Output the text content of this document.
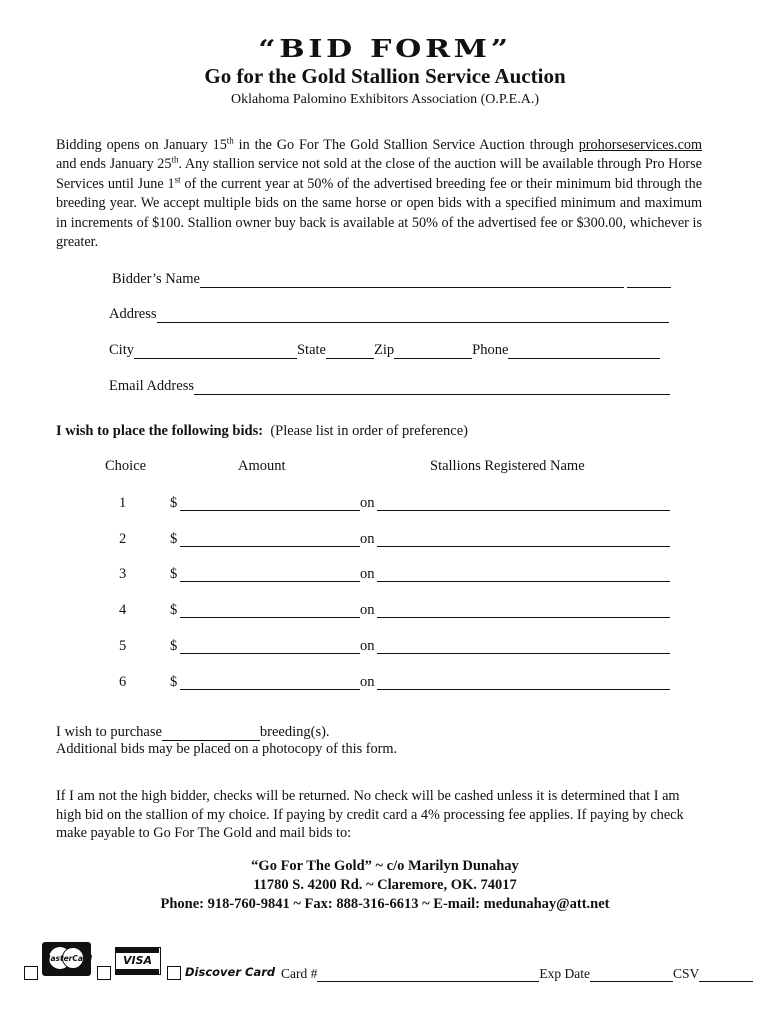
“BID FORM”
Go for the Gold Stallion Service Auction
Oklahoma Palomino Exhibitors Association (O.P.E.A.)
Bidding opens on January 15th in the Go For The Gold Stallion Service Auction through prohorseservices.com and ends January 25th. Any stallion service not sold at the close of the auction will be available through Pro Horse Services until June 1st of the current year at 50% of the advertised breeding fee or their minimum bid through the breeding year. We accept multiple bids on the same horse or open bids with a specified minimum and maximum in increments of $100. Stallion owner buy back is available at 50% of the advertised fee or $300.00, whichever is greater.
Bidder’s Name
Address
City	State	Zip	Phone
Email Address
I wish to place the following bids: (Please list in order of preference)
Choice	Amount	Stallions Registered Name
1	$	on
2	$	on
3	$	on
4	$	on
5	$	on
6	$	on
I wish to purchase	breeding(s).
Additional bids may be placed on a photocopy of this form.
If I am not the high bidder, checks will be returned. No check will be cashed unless it is determined that I am high bid on the stallion of my choice. If paying by credit card a 4% processing fee applies. If paying by check make payable to Go For The Gold and mail bids to:
“Go For The Gold” ~ c/o Marilyn Dunahay
11780 S. 4200 Rd. ~ Claremore, OK. 74017
Phone: 918-760-9841 ~ Fax: 888-316-6613 ~ E-mail: medunahay@att.net
MasterCard	VISA
Discover Card Card #	Exp Date	CSV
